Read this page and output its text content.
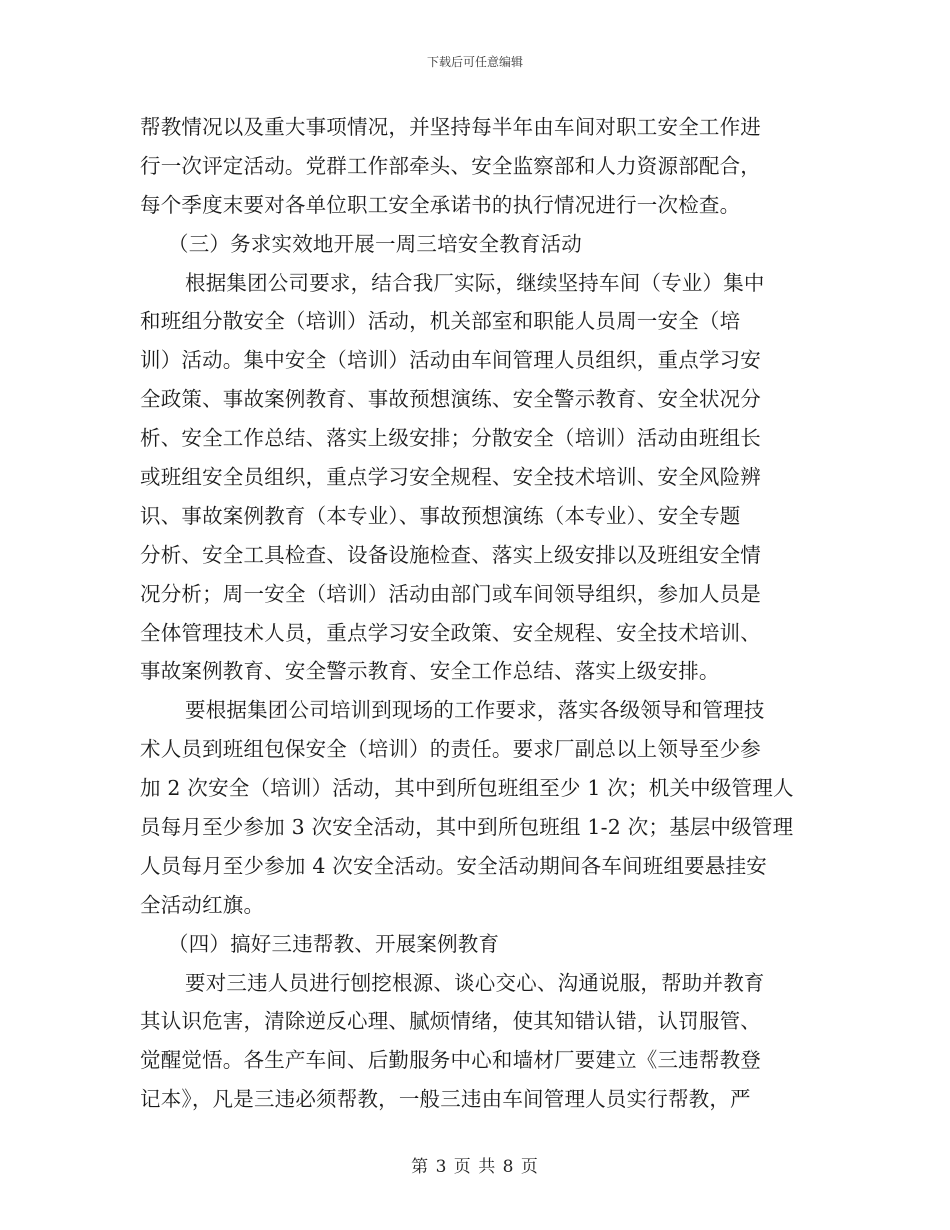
下载后可任意编辑
帮教情况以及重大事项情况，并坚持每半年由车间对职工安全工作进
行一次评定活动。党群工作部牵头、安全监察部和人力资源部配合，
每个季度末要对各单位职工安全承诺书的执行情况进行一次检查。
（三）务求实效地开展一周三培安全教育活动
根据集团公司要求，结合我厂实际，继续坚持车间（专业）集中
和班组分散安全（培训）活动，机关部室和职能人员周一安全（培
训）活动。集中安全（培训）活动由车间管理人员组织，重点学习安
全政策、事故案例教育、事故预想演练、安全警示教育、安全状况分
析、安全工作总结、落实上级安排；分散安全（培训）活动由班组长
或班组安全员组织，重点学习安全规程、安全技术培训、安全风险辨
识、事故案例教育（本专业）、事故预想演练（本专业）、安全专题
分析、安全工具检查、设备设施检查、落实上级安排以及班组安全情
况分析；周一安全（培训）活动由部门或车间领导组织，参加人员是
全体管理技术人员，重点学习安全政策、安全规程、安全技术培训、
事故案例教育、安全警示教育、安全工作总结、落实上级安排。
要根据集团公司培训到现场的工作要求，落实各级领导和管理技
术人员到班组包保安全（培训）的责任。要求厂副总以上领导至少参
加 2 次安全（培训）活动，其中到所包班组至少 1 次；机关中级管理人
员每月至少参加 3 次安全活动，其中到所包班组 1-2 次；基层中级管理
人员每月至少参加 4 次安全活动。安全活动期间各车间班组要悬挂安
全活动红旗。
（四）搞好三违帮教、开展案例教育
要对三违人员进行刨挖根源、谈心交心、沟通说服，帮助并教育
其认识危害，清除逆反心理、腻烦情绪，使其知错认错，认罚服管、
觉醒觉悟。各生产车间、后勤服务中心和墙材厂要建立《三违帮教登
记本》，凡是三违必须帮教，一般三违由车间管理人员实行帮教，严
第 3 页 共 8 页
